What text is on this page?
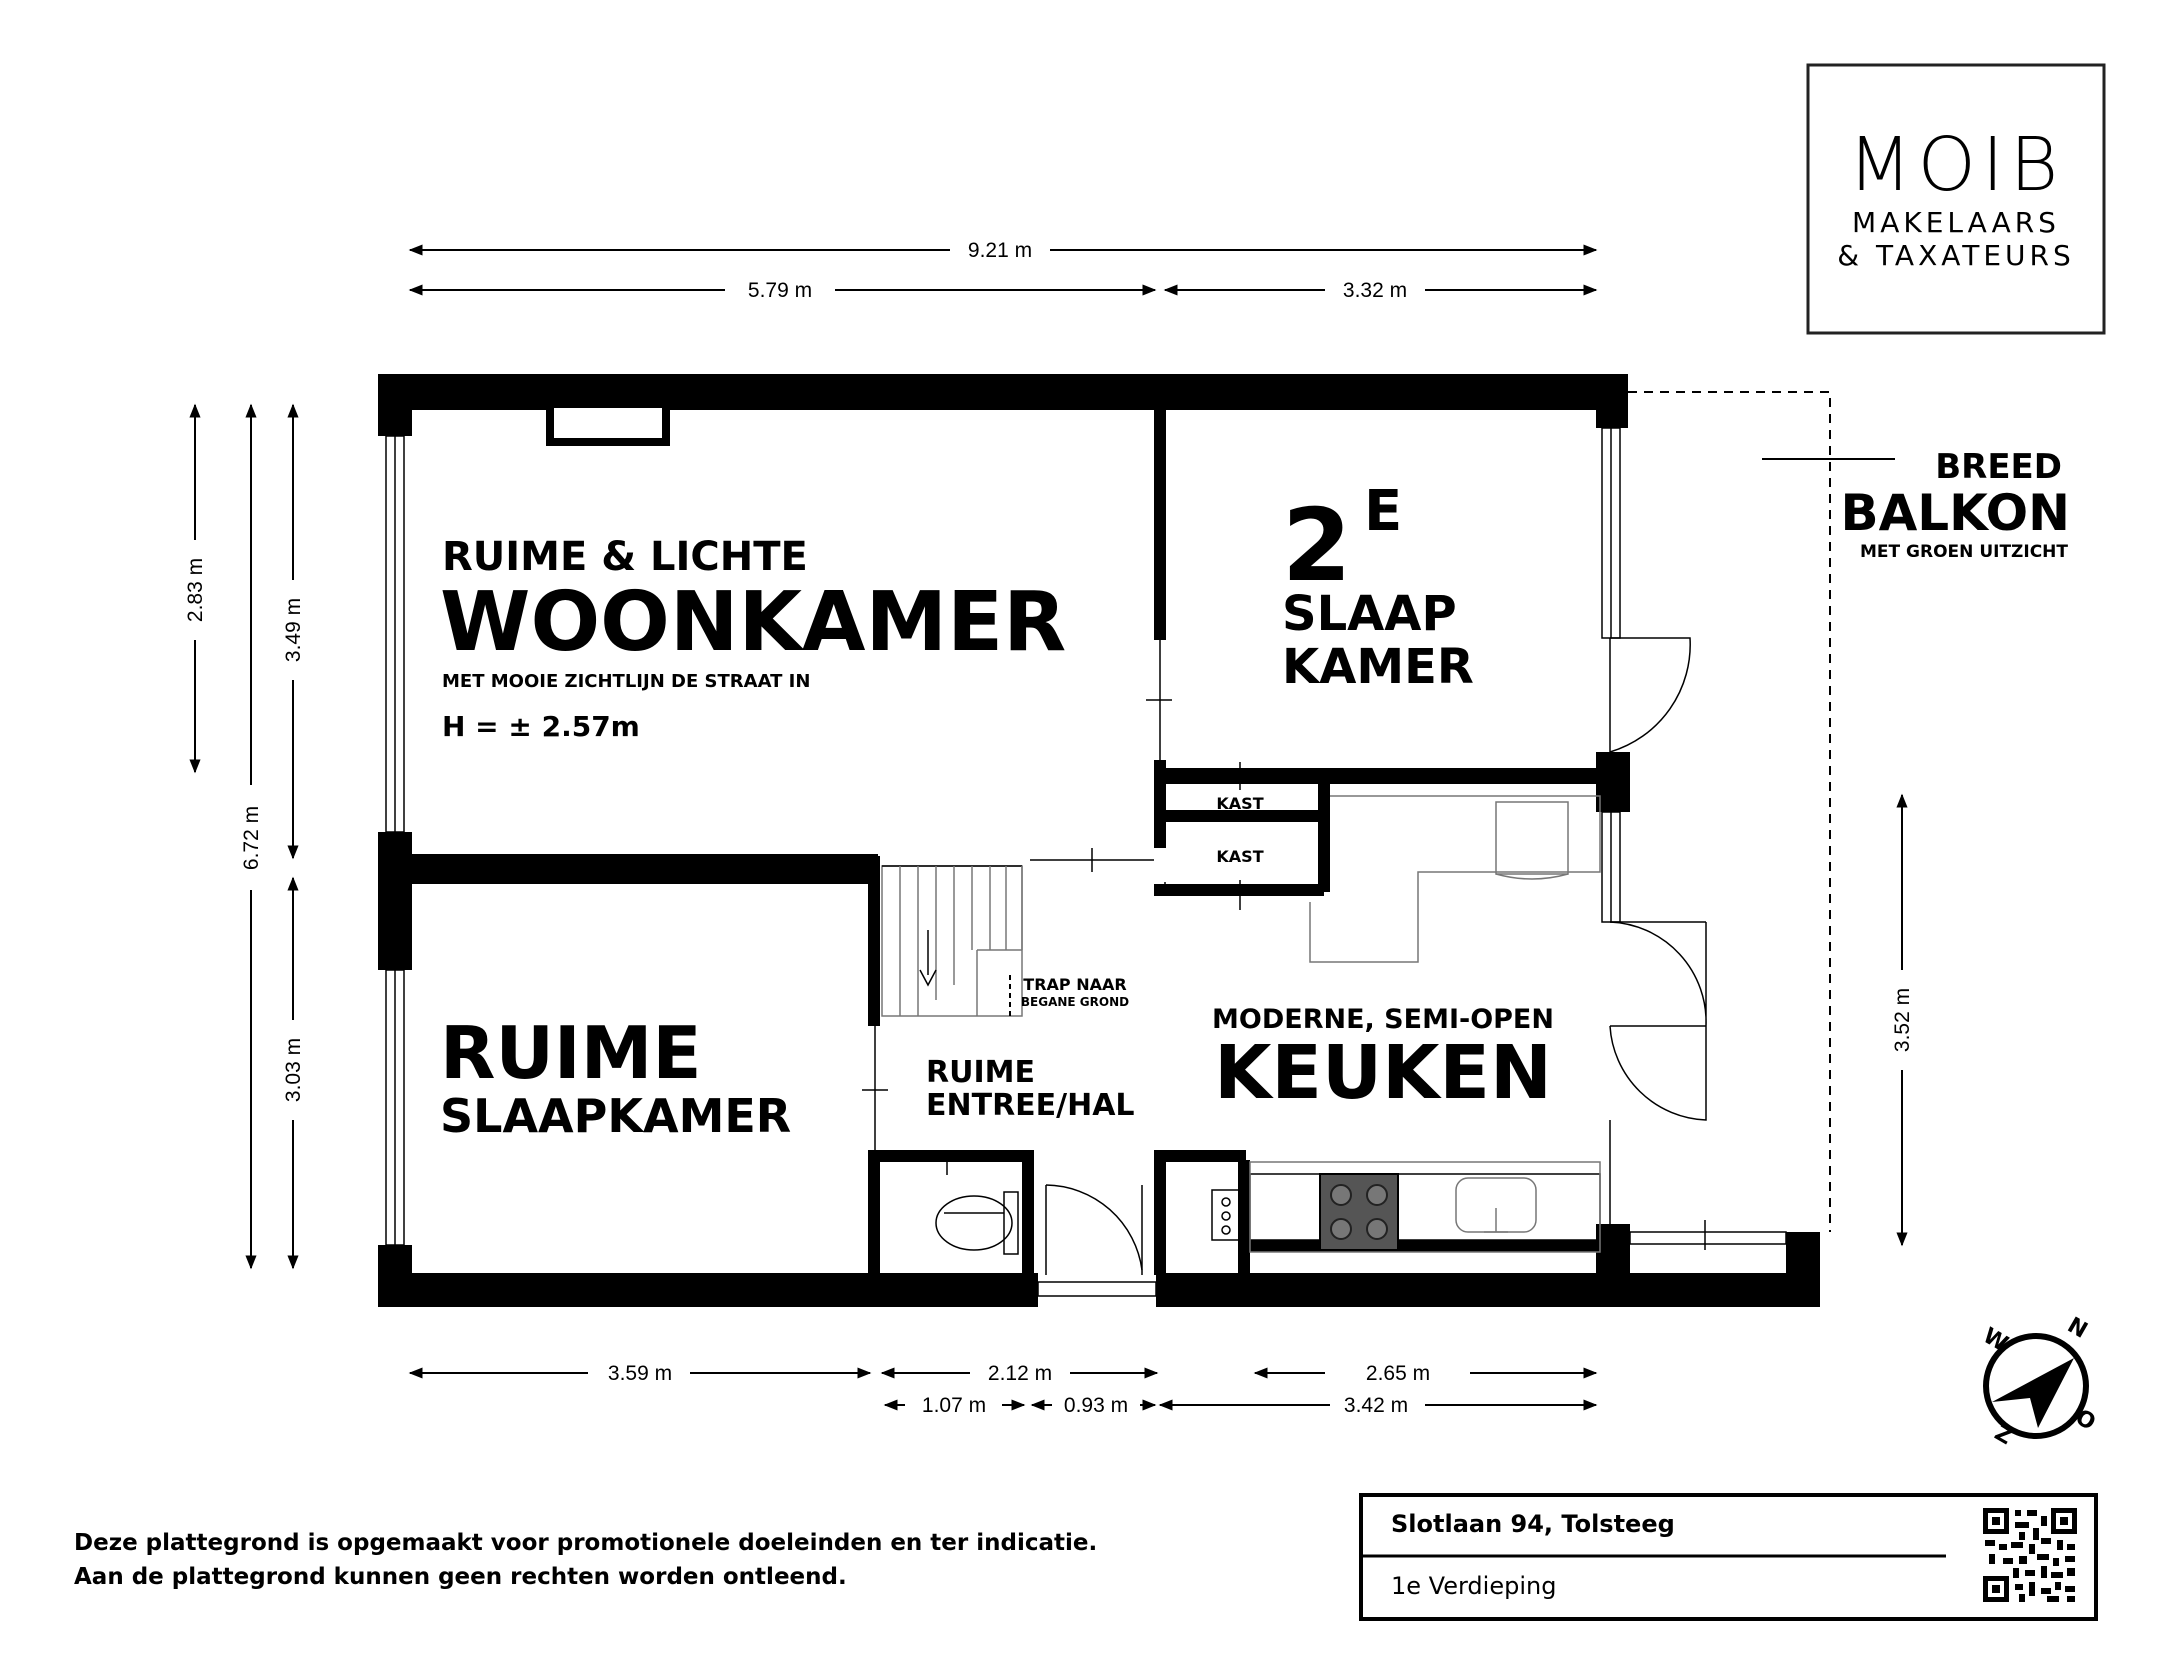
MOIB
MAKELAARS
& TAXATEURS
9.21 m
5.79 m	3.32 m
2.83 m
6.72 m
3.49 m
3.03 m
3.52 m
3.59 m	2.12 m	2.65 m
1.07 m	0.93 m	3.42 m
RUIME & LICHTE
WOONKAMER
MET MOOIE ZICHTLIJN DE STRAAT IN
H = ± 2.57m
2 E
SLAAP
KAMER
BREED
BALKON
MET GROEN UITZICHT
KAST
KAST
TRAP NAAR
BEGANE GROND
MODERNE, SEMI-OPEN
KEUKEN
RUIME
SLAAPKAMER
RUIME
ENTREE/HAL
N
W
Z O
Deze plattegrond is opgemaakt voor promotionele doeleinden en ter indicatie.
Aan de plattegrond kunnen geen rechten worden ontleend.
Slotlaan 94, Tolsteeg
1e Verdieping
